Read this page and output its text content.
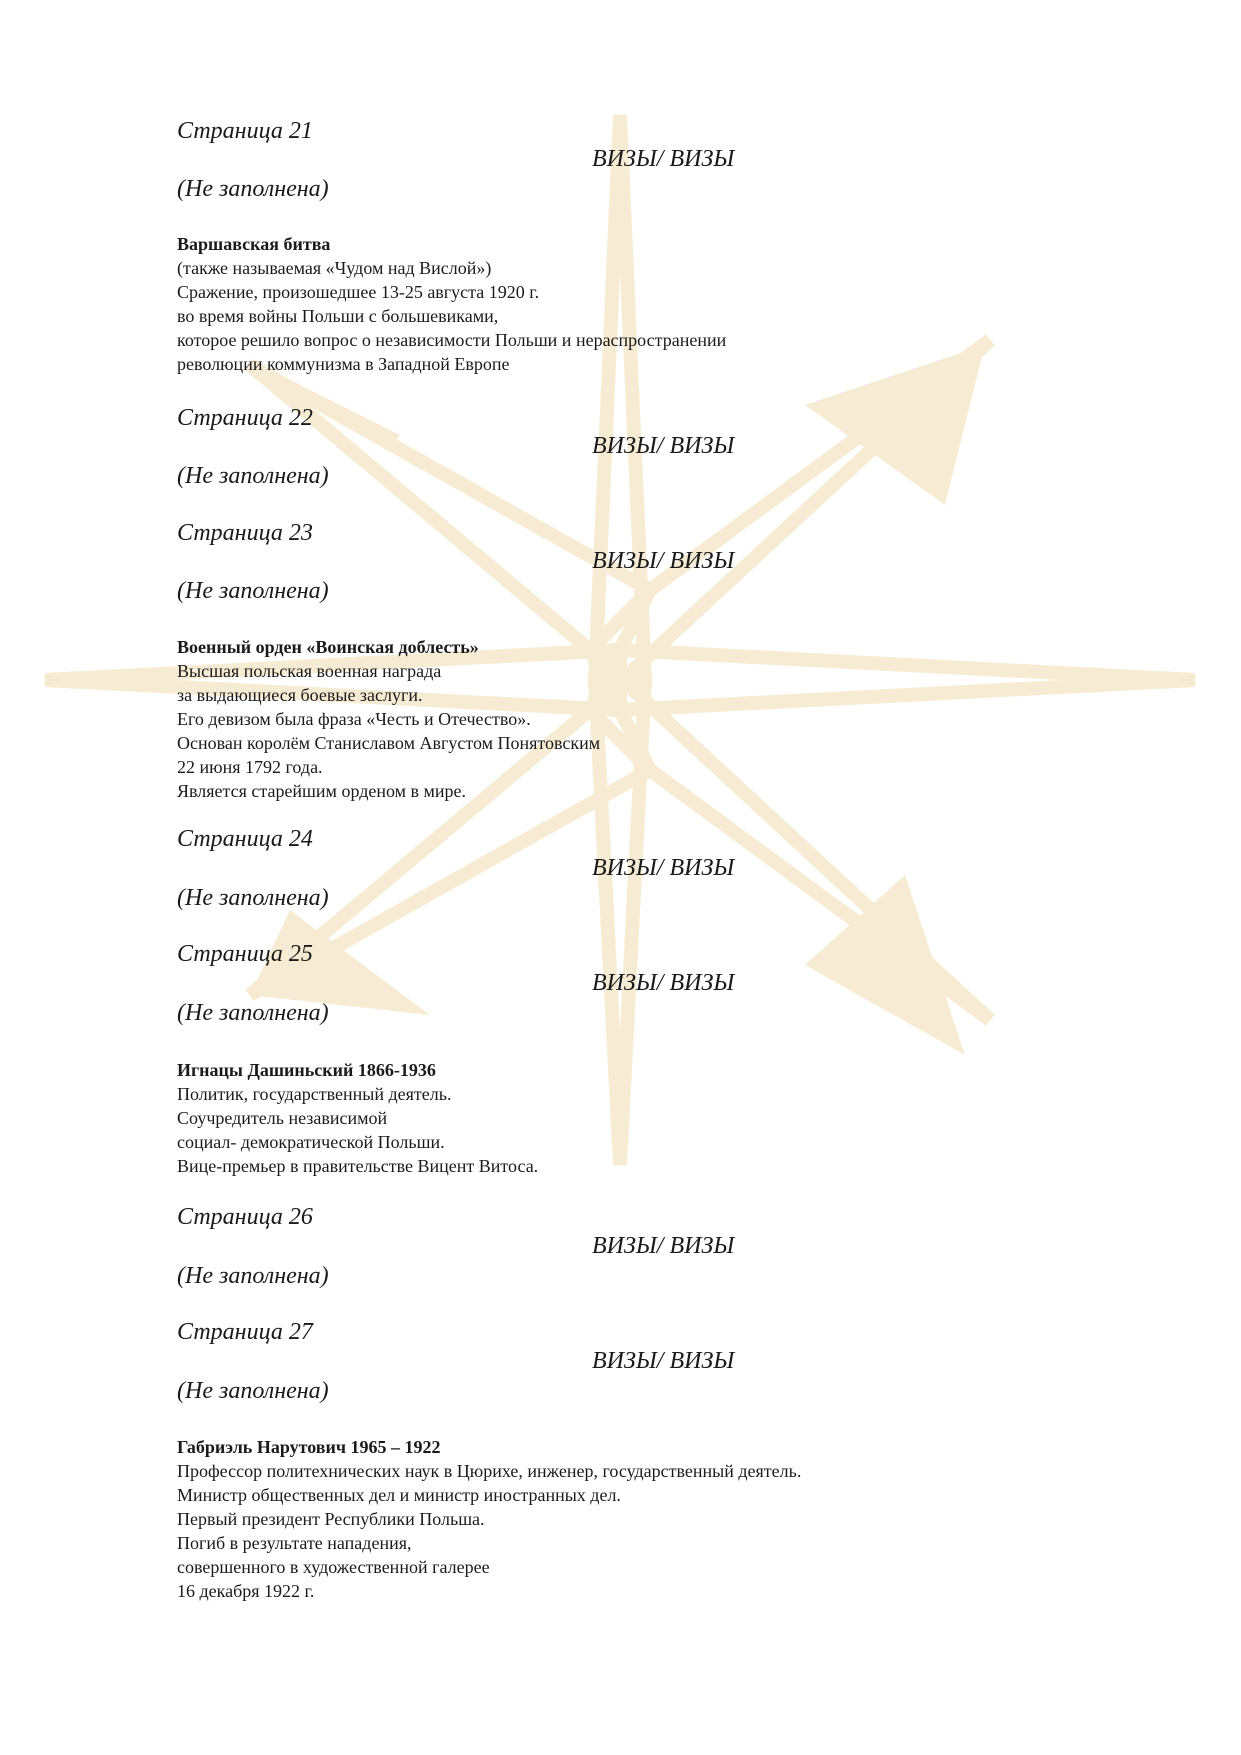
Страница 21
ВИЗЫ/ ВИЗЫ
(Не заполнена)
Варшавская битва
(также называемая «Чудом над Вислой»)
Сражение, произошедшее 13-25 августа 1920 г.
во время войны Польши с большевиками,
которое решило вопрос о независимости Польши и нераспространении
революции коммунизма в Западной Европе
Страница 22
ВИЗЫ/ ВИЗЫ
(Не заполнена)
Страница 23
ВИЗЫ/ ВИЗЫ
(Не заполнена)
Военный орден «Воинская доблесть»
Высшая польская военная награда
за выдающиеся боевые заслуги.
Его девизом была фраза «Честь и Отечество».
Основан королём Станиславом Августом Понятовским
22 июня 1792 года.
Является старейшим орденом в мире.
Страница 24
ВИЗЫ/ ВИЗЫ
(Не заполнена)
Страница 25
ВИЗЫ/ ВИЗЫ
(Не заполнена)
Игнацы Дашиньский 1866-1936
Политик, государственный деятель.
Соучредитель независимой
социал- демократической Польши.
Вице-премьер в правительстве Вицент Витоса.
Страница 26
ВИЗЫ/ ВИЗЫ
(Не заполнена)
Страница 27
ВИЗЫ/ ВИЗЫ
(Не заполнена)
Габриэль Нарутович 1965 – 1922
Профессор политехнических наук в Цюрихе, инженер, государственный деятель.
Министр общественных дел и министр иностранных дел.
Первый президент Республики Польша.
Погиб в результате нападения,
совершенного в художественной галерее
16 декабря 1922 г.
